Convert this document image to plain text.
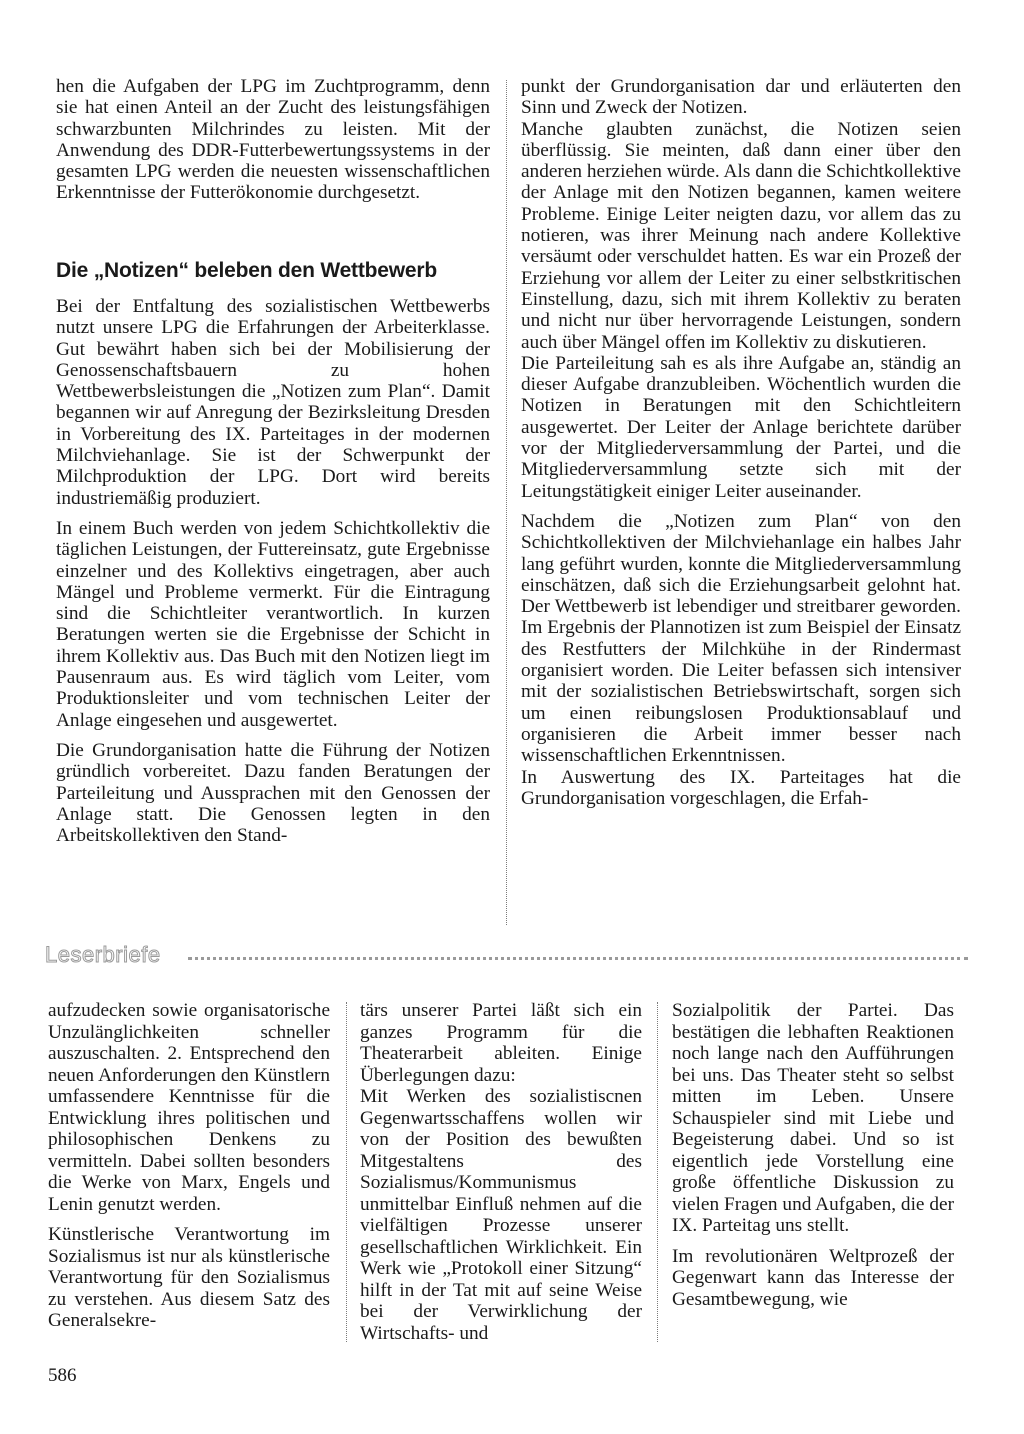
hen die Aufgaben der LPG im Zuchtprogramm, denn sie hat einen Anteil an der Zucht des leistungsfähigen schwarzbunten Milchrindes zu leisten. Mit der Anwendung des DDR-Futterbewertungssystems in der gesamten LPG werden die neuesten wissenschaftlichen Erkenntnisse der Futterökonomie durchgesetzt.

Die „Notizen“ beleben den Wettbewerb

Bei der Entfaltung des sozialistischen Wettbewerbs nutzt unsere LPG die Erfahrungen der Arbeiterklasse. Gut bewährt haben sich bei der Mobilisierung der Genossenschaftsbauern zu hohen Wettbewerbsleistungen die „Notizen zum Plan“. Damit begannen wir auf Anregung der Bezirksleitung Dresden in Vorbereitung des IX. Parteitages in der modernen Milchviehanlage. Sie ist der Schwerpunkt der Milchproduktion der LPG. Dort wird bereits industriemäßig produziert.

In einem Buch werden von jedem Schichtkollektiv die täglichen Leistungen, der Futtereinsatz, gute Ergebnisse einzelner und des Kollektivs eingetragen, aber auch Mängel und Probleme vermerkt. Für die Eintragung sind die Schichtleiter verantwortlich. In kurzen Beratungen werten sie die Ergebnisse der Schicht in ihrem Kollektiv aus. Das Buch mit den Notizen liegt im Pausenraum aus. Es wird täglich vom Leiter, vom Produktionsleiter und vom technischen Leiter der Anlage eingesehen und ausgewertet.

Die Grundorganisation hatte die Führung der Notizen gründlich vorbereitet. Dazu fanden Beratungen der Parteileitung und Aussprachen mit den Genossen der Anlage statt. Die Genossen legten in den Arbeitskollektiven den Stand-

punkt der Grundorganisation dar und erläuterten den Sinn und Zweck der Notizen.

Manche glaubten zunächst, die Notizen seien überflüssig. Sie meinten, daß dann einer über den anderen herziehen würde. Als dann die Schichtkollektive der Anlage mit den Notizen begannen, kamen weitere Probleme. Einige Leiter neigten dazu, vor allem das zu notieren, was ihrer Meinung nach andere Kollektive versäumt oder verschuldet hatten. Es war ein Prozeß der Erziehung vor allem der Leiter zu einer selbstkritischen Einstellung, dazu, sich mit ihrem Kollektiv zu beraten und nicht nur über hervorragende Leistungen, sondern auch über Mängel offen im Kollektiv zu diskutieren.

Die Parteileitung sah es als ihre Aufgabe an, ständig an dieser Aufgabe dranzubleiben. Wöchentlich wurden die Notizen in Beratungen mit den Schichtleitern ausgewertet. Der Leiter der Anlage berichtete darüber vor der Mitgliederversammlung der Partei, und die Mitgliederversammlung setzte sich mit der Leitungstätigkeit einiger Leiter auseinander.

Nachdem die „Notizen zum Plan“ von den Schichtkollektiven der Milchviehanlage ein halbes Jahr lang geführt wurden, konnte die Mitgliederversammlung einschätzen, daß sich die Erziehungsarbeit gelohnt hat. Der Wettbewerb ist lebendiger und streitbarer geworden. Im Ergebnis der Plannotizen ist zum Beispiel der Einsatz des Restfutters der Milchkühe in der Rindermast organisiert worden. Die Leiter befassen sich intensiver mit der sozialistischen Betriebswirtschaft, sorgen sich um einen reibungslosen Produktionsablauf und organisieren die Arbeit immer besser nach wissenschaftlichen Erkenntnissen.

In Auswertung des IX. Parteitages hat die Grundorganisation vorgeschlagen, die Erfah-

Leserbriefe

aufzudecken sowie organisatorische Unzulänglichkeiten schneller auszuschalten. 2. Entsprechend den neuen Anforderungen den Künstlern umfassendere Kenntnisse für die Entwicklung ihres politischen und philosophischen Denkens zu vermitteln. Dabei sollten besonders die Werke von Marx, Engels und Lenin genutzt werden.

Künstlerische Verantwortung im Sozialismus ist nur als künstlerische Verantwortung für den Sozialismus zu verstehen. Aus diesem Satz des Generalsekre-

tärs unserer Partei läßt sich ein ganzes Programm für die Theaterarbeit ableiten. Einige Überlegungen dazu:

Mit Werken des sozialistiscnen Gegenwartsschaffens wollen wir von der Position des bewußten Mitgestaltens des Sozialismus/Kommunismus unmittelbar Einfluß nehmen auf die vielfältigen Prozesse unserer gesellschaftlichen Wirklichkeit. Ein Werk wie „Protokoll einer Sitzung“ hilft in der Tat mit auf seine Weise bei der Verwirklichung der Wirtschafts- und

Sozialpolitik der Partei. Das bestätigen die lebhaften Reaktionen noch lange nach den Aufführungen bei uns. Das Theater steht so selbst mitten im Leben. Unsere Schauspieler sind mit Liebe und Begeisterung dabei. Und so ist eigentlich jede Vorstellung eine große öffentliche Diskussion zu vielen Fragen und Aufgaben, die der IX. Parteitag uns stellt.

Im revolutionären Weltprozeß der Gegenwart kann das Interesse der Gesamtbewegung, wie

586
